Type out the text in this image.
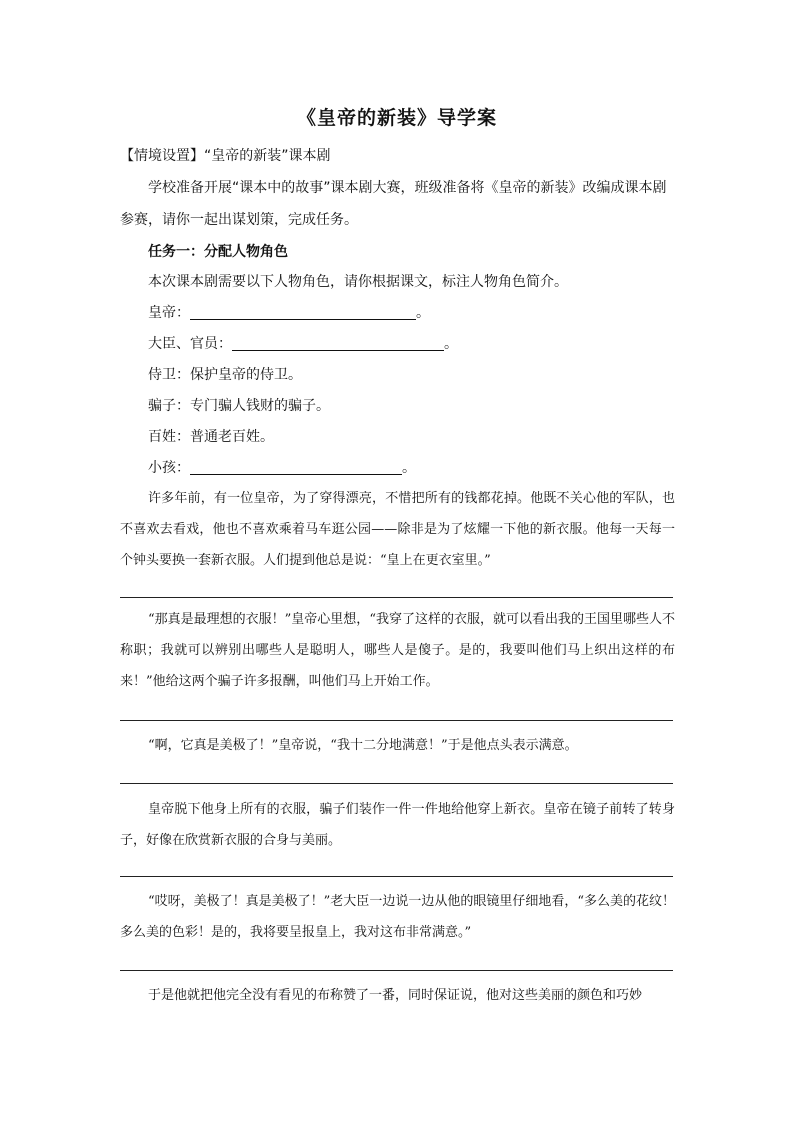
《皇帝的新装》导学案
【情境设置】“皇帝的新装”课本剧
学校准备开展“课本中的故事”课本剧大赛，班级准备将《皇帝的新装》改编成课本剧
参赛，请你一起出谋划策，完成任务。
任务一：分配人物角色
本次课本剧需要以下人物角色，请你根据课文，标注人物角色简介。
皇帝：	。
大臣、官员：	。
侍卫：保护皇帝的侍卫。
骗子：专门骗人钱财的骗子。
百姓：普通老百姓。
小孩：	。
许多年前，有一位皇帝，为了穿得漂亮，不惜把所有的钱都花掉。他既不关心他的军队，也不喜欢去看戏，他也不喜欢乘着马车逛公园——除非是为了炫耀一下他的新衣服。他每一天每一个钟头要换一套新衣服。人们提到他总是说：“皇上在更衣室里。”
“那真是最理想的衣服！”皇帝心里想，“我穿了这样的衣服，就可以看出我的王国里哪些人不称职；我就可以辨别出哪些人是聪明人，哪些人是傻子。是的，我要叫他们马上织出这样的布来！”他给这两个骗子许多报酬，叫他们马上开始工作。
“啊，它真是美极了！”皇帝说，“我十二分地满意！”于是他点头表示满意。
皇帝脱下他身上所有的衣服，骗子们装作一件一件地给他穿上新衣。皇帝在镜子前转了转身子，好像在欣赏新衣服的合身与美丽。
“哎呀，美极了！真是美极了！”老大臣一边说一边从他的眼镜里仔细地看，“多么美的花纹！多么美的色彩！是的，我将要呈报皇上，我对这布非常满意。”
于是他就把他完全没有看见的布称赞了一番，同时保证说，他对这些美丽的颜色和巧妙
